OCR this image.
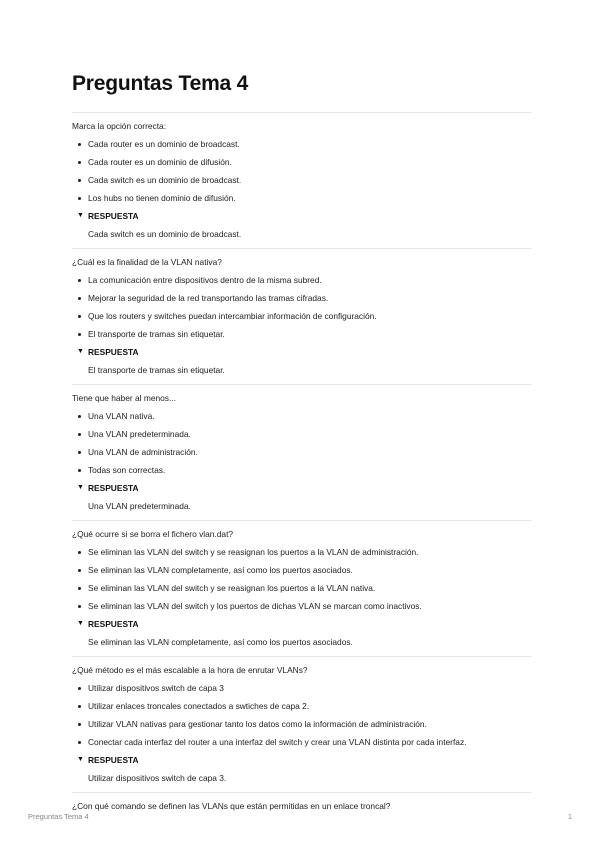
Preguntas Tema 4

Marca la opción correcta:

Cada router es un dominio de broadcast.
Cada router es un dominio de difusión.
Cada switch es un dominio de broadcast.
Los hubs no tienen dominio de difusión.
▼ RESPUESTA
Cada switch es un dominio de broadcast.

¿Cuál es la finalidad de la VLAN nativa?

La comunicación entre dispositivos dentro de la misma subred.
Mejorar la seguridad de la red transportando las tramas cifradas.
Que los routers y switches puedan intercambiar información de configuración.
El transporte de tramas sin etiquetar.
▼ RESPUESTA
El transporte de tramas sin etiquetar.

Tiene que haber al menos...

Una VLAN nativa.
Una VLAN predeterminada.
Una VLAN de administración.
Todas son correctas.
▼ RESPUESTA
Una VLAN predeterminada.

¿Qué ocurre si se borra el fichero vlan.dat?

Se eliminan las VLAN del switch y se reasignan los puertos a la VLAN de administración.
Se eliminan las VLAN completamente, así como los puertos asociados.
Se eliminan las VLAN del switch y se reasignan los puertos a la VLAN nativa.
Se eliminan las VLAN del switch y los puertos de dichas VLAN se marcan como inactivos.
▼ RESPUESTA
Se eliminan las VLAN completamente, así como los puertos asociados.

¿Qué método es el más escalable a la hora de enrutar VLANs?

Utilizar dispositivos switch de capa 3
Utilizar enlaces troncales conectados a swtiches de capa 2.
Utilizar VLAN nativas para gestionar tanto los datos como la información de administración.
Conectar cada interfaz del router a una interfaz del switch y crear una VLAN distinta por cada interfaz.
▼ RESPUESTA
Utilizar dispositivos switch de capa 3.

¿Con qué comando se definen las VLANs que están permitidas en un enlace troncal?

Preguntas Tema 4	1
